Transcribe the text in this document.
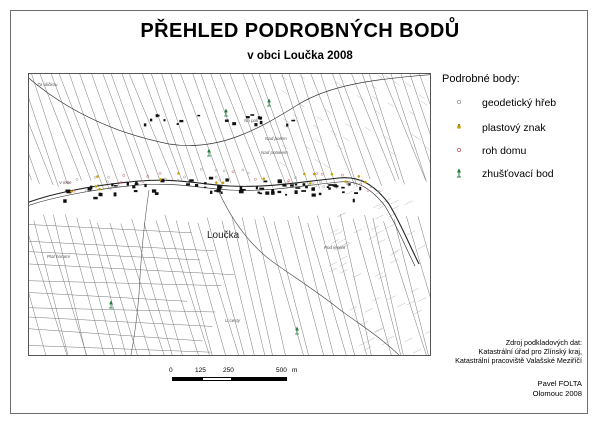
PŘEHLED PODROBNÝCH BODŮ
v obci Loučka 2008
Za uličkou
Na poli
Nad potokem
Nad polem
Pod lesem
Plat horami
V lese
U cesty
Loučka
Podrobné body:
geodetický hřeb
plastový znak
roh domu
zhušťovací bod
0	125	250	500 m
Zdroj podkladových dat:
Katastrální úřad pro Zlínský kraj,
Katastrální pracoviště Valašské Meziříčí
Pavel FOLTA
Olomouc 2008
